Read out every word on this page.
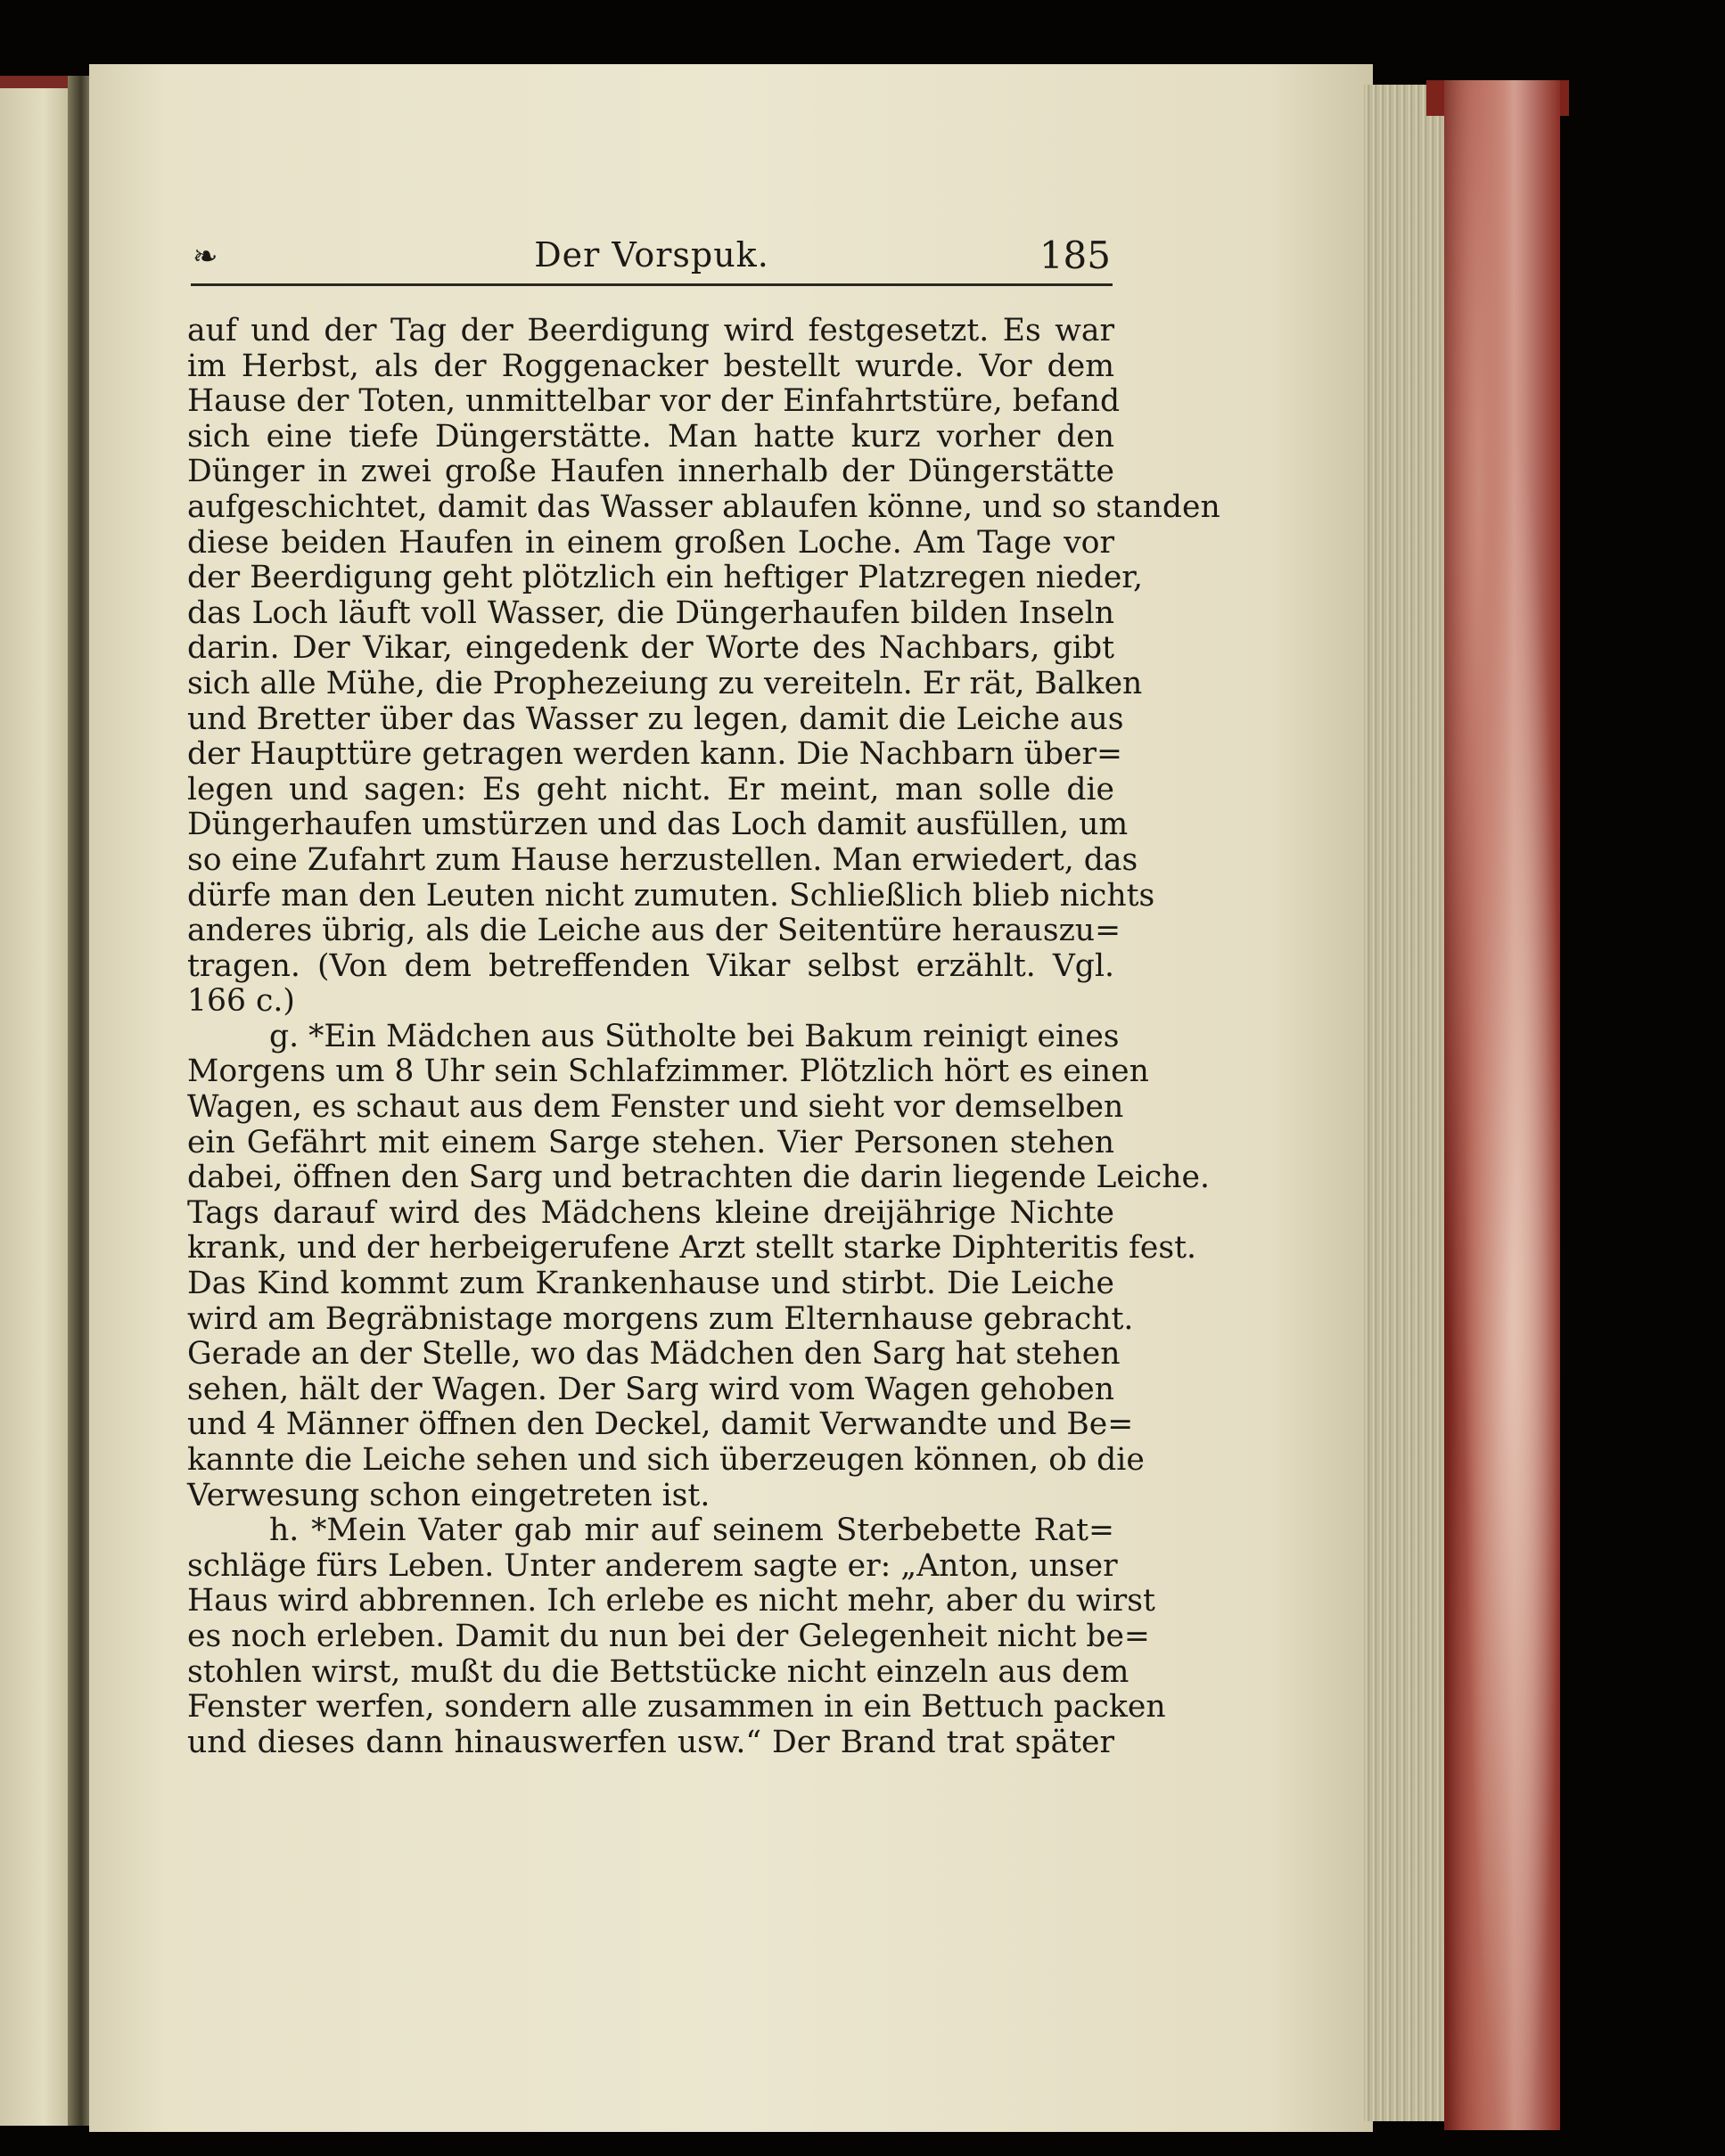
❧	Der Vorspuk.	185
auf und der Tag der Beerdigung wird festgesetzt. Es war
im Herbst, als der Roggenacker bestellt wurde. Vor dem
Hause der Toten, unmittelbar vor der Einfahrtstüre, befand
sich eine tiefe Düngerstätte. Man hatte kurz vorher den
Dünger in zwei große Haufen innerhalb der Düngerstätte
aufgeschichtet, damit das Wasser ablaufen könne, und so standen
diese beiden Haufen in einem großen Loche. Am Tage vor
der Beerdigung geht plötzlich ein heftiger Platzregen nieder,
das Loch läuft voll Wasser, die Düngerhaufen bilden Inseln
darin. Der Vikar, eingedenk der Worte des Nachbars, gibt
sich alle Mühe, die Prophezeiung zu vereiteln. Er rät, Balken
und Bretter über das Wasser zu legen, damit die Leiche aus
der Haupttüre getragen werden kann. Die Nachbarn über=
legen und sagen: Es geht nicht. Er meint, man solle die
Düngerhaufen umstürzen und das Loch damit ausfüllen, um
so eine Zufahrt zum Hause herzustellen. Man erwiedert, das
dürfe man den Leuten nicht zumuten. Schließlich blieb nichts
anderes übrig, als die Leiche aus der Seitentüre herauszu=
tragen. (Von dem betreffenden Vikar selbst erzählt. Vgl.
166 c.)
g. *Ein Mädchen aus Sütholte bei Bakum reinigt eines
Morgens um 8 Uhr sein Schlafzimmer. Plötzlich hört es einen
Wagen, es schaut aus dem Fenster und sieht vor demselben
ein Gefährt mit einem Sarge stehen. Vier Personen stehen
dabei, öffnen den Sarg und betrachten die darin liegende Leiche.
Tags darauf wird des Mädchens kleine dreijährige Nichte
krank, und der herbeigerufene Arzt stellt starke Diphteritis fest.
Das Kind kommt zum Krankenhause und stirbt. Die Leiche
wird am Begräbnistage morgens zum Elternhause gebracht.
Gerade an der Stelle, wo das Mädchen den Sarg hat stehen
sehen, hält der Wagen. Der Sarg wird vom Wagen gehoben
und 4 Männer öffnen den Deckel, damit Verwandte und Be=
kannte die Leiche sehen und sich überzeugen können, ob die
Verwesung schon eingetreten ist.
h. *Mein Vater gab mir auf seinem Sterbebette Rat=
schläge fürs Leben. Unter anderem sagte er: „Anton, unser
Haus wird abbrennen. Ich erlebe es nicht mehr, aber du wirst
es noch erleben. Damit du nun bei der Gelegenheit nicht be=
stohlen wirst, mußt du die Bettstücke nicht einzeln aus dem
Fenster werfen, sondern alle zusammen in ein Bettuch packen
und dieses dann hinauswerfen usw.“ Der Brand trat später
